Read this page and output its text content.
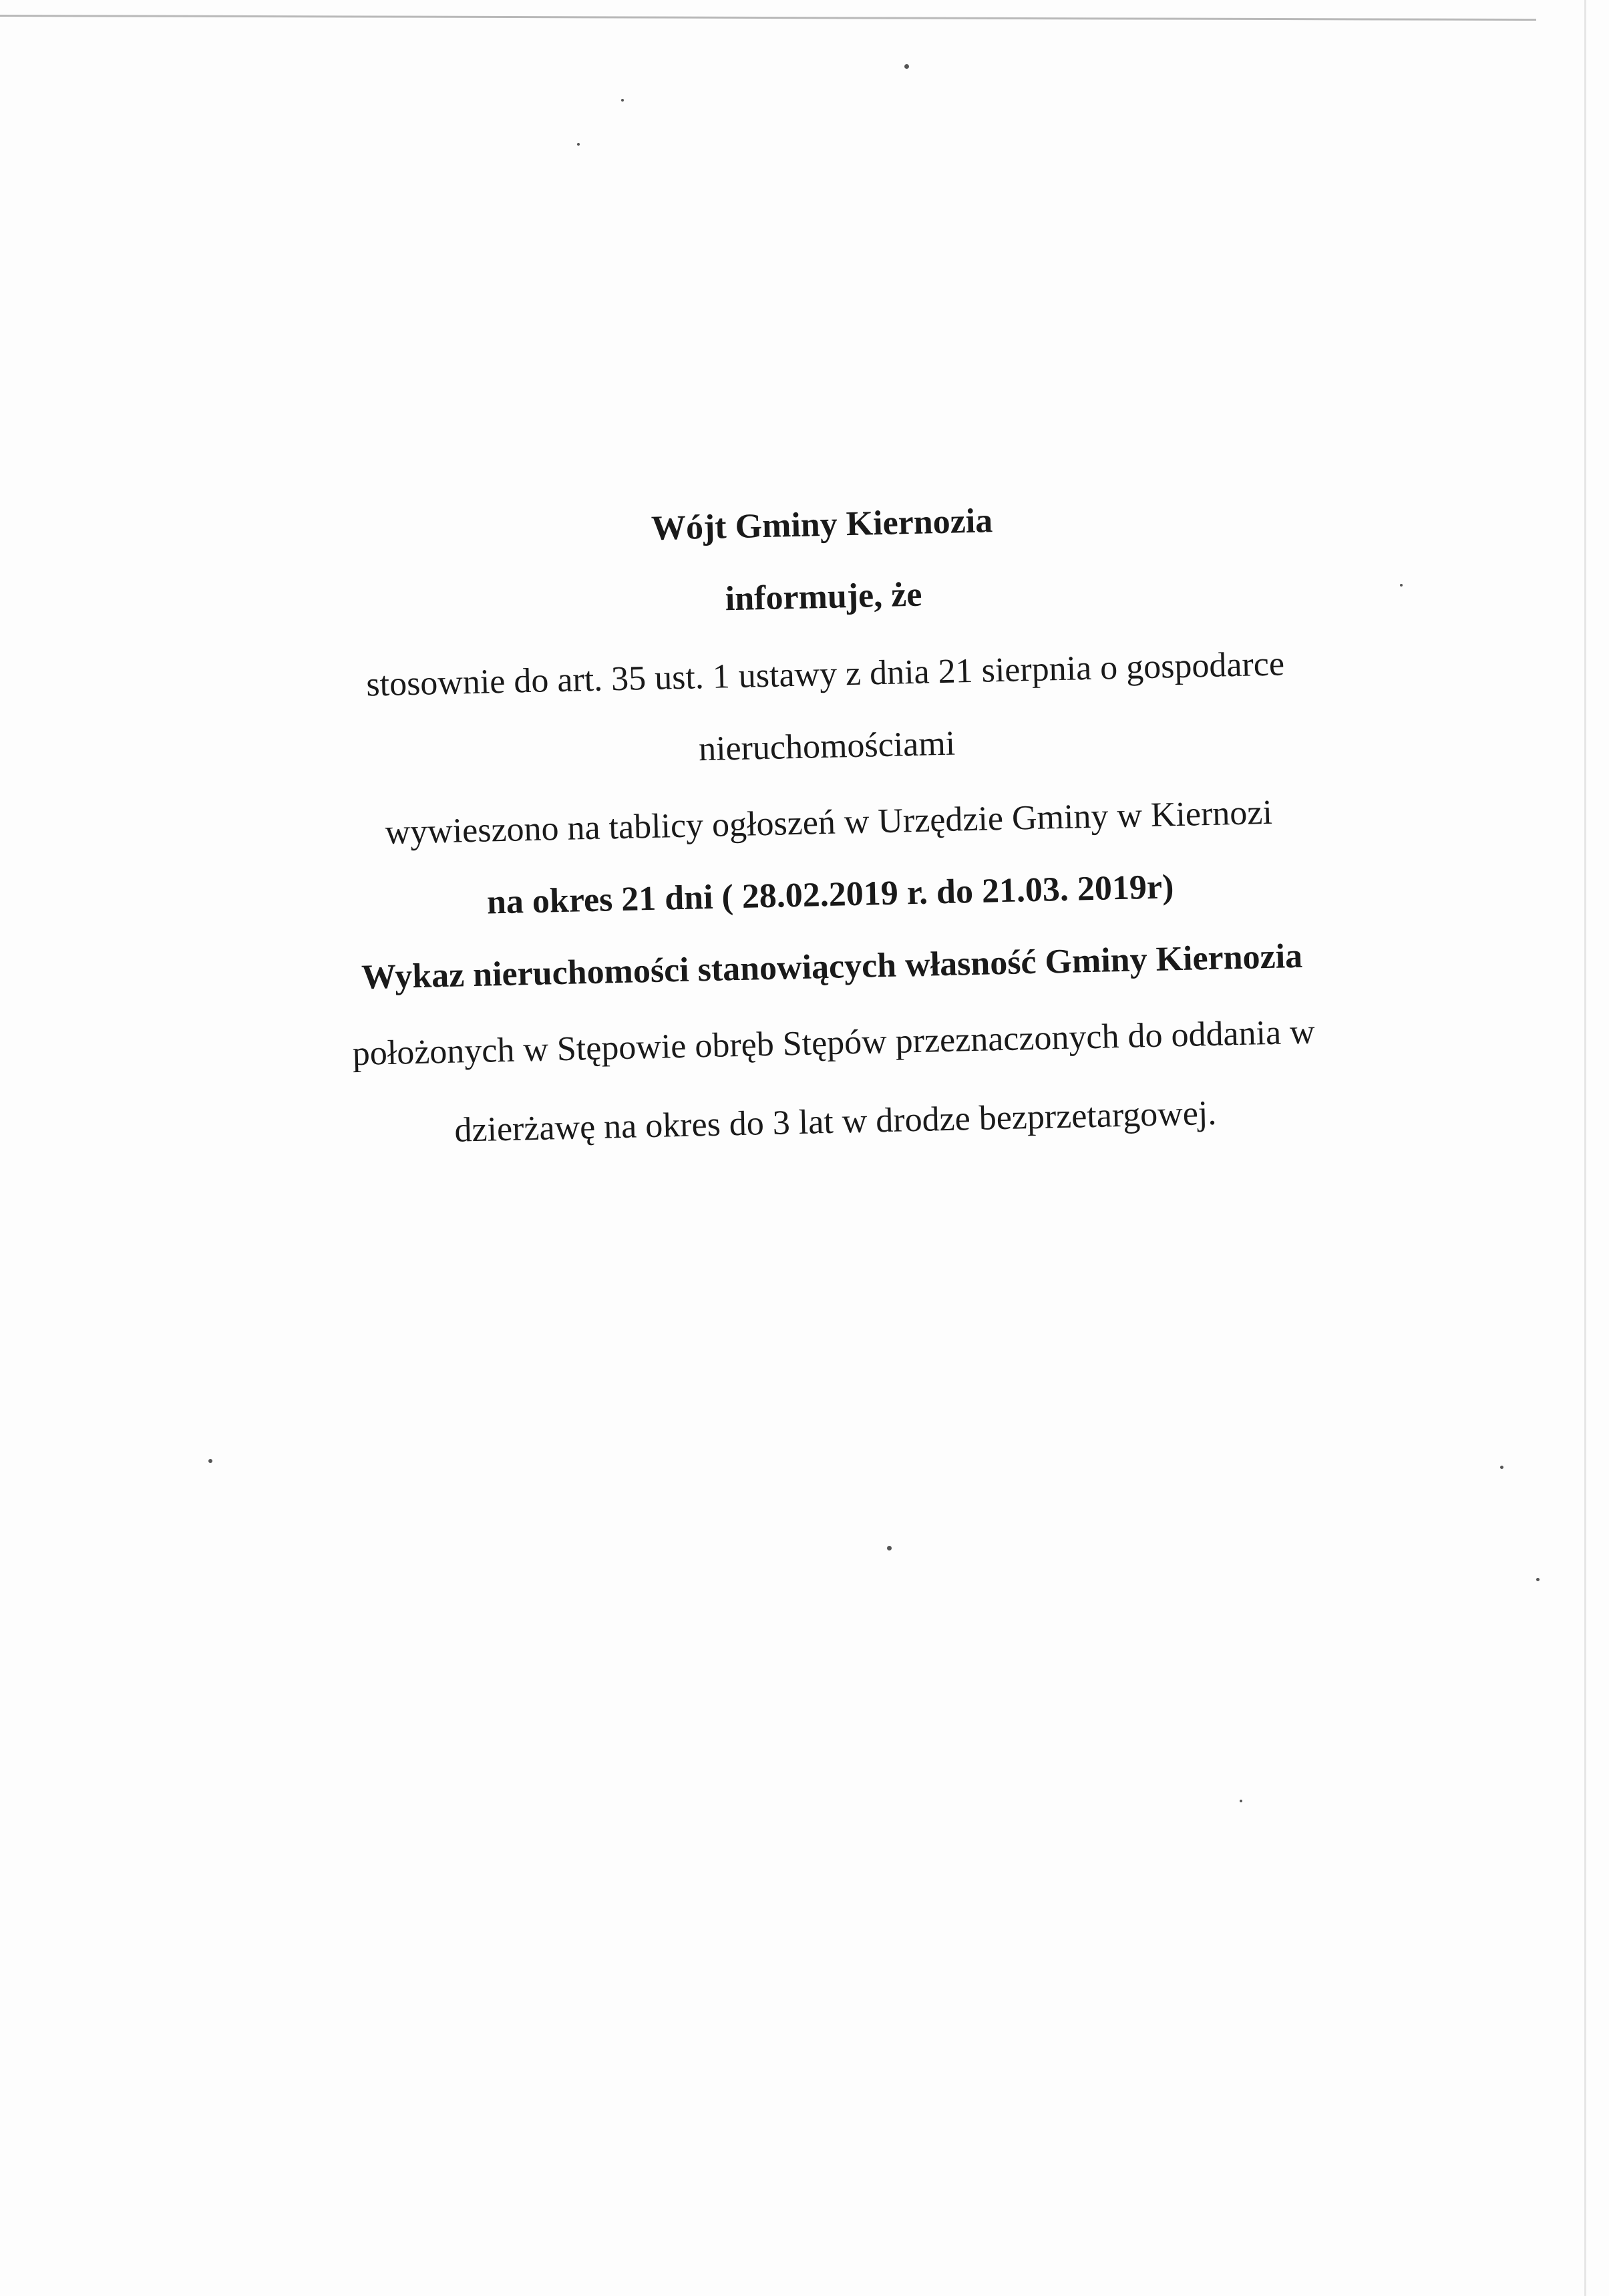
Wójt Gminy Kiernozia
informuje, że
stosownie do art. 35 ust. 1 ustawy z dnia 21 sierpnia o gospodarce
nieruchomościami
wywieszono na tablicy ogłoszeń w Urzędzie Gminy w Kiernozi
na okres 21 dni ( 28.02.2019 r. do 21.03. 2019r)
Wykaz nieruchomości stanowiących własność Gminy Kiernozia
położonych w Stępowie obręb Stępów przeznaczonych do oddania w
dzierżawę na okres do 3 lat w drodze bezprzetargowej.
